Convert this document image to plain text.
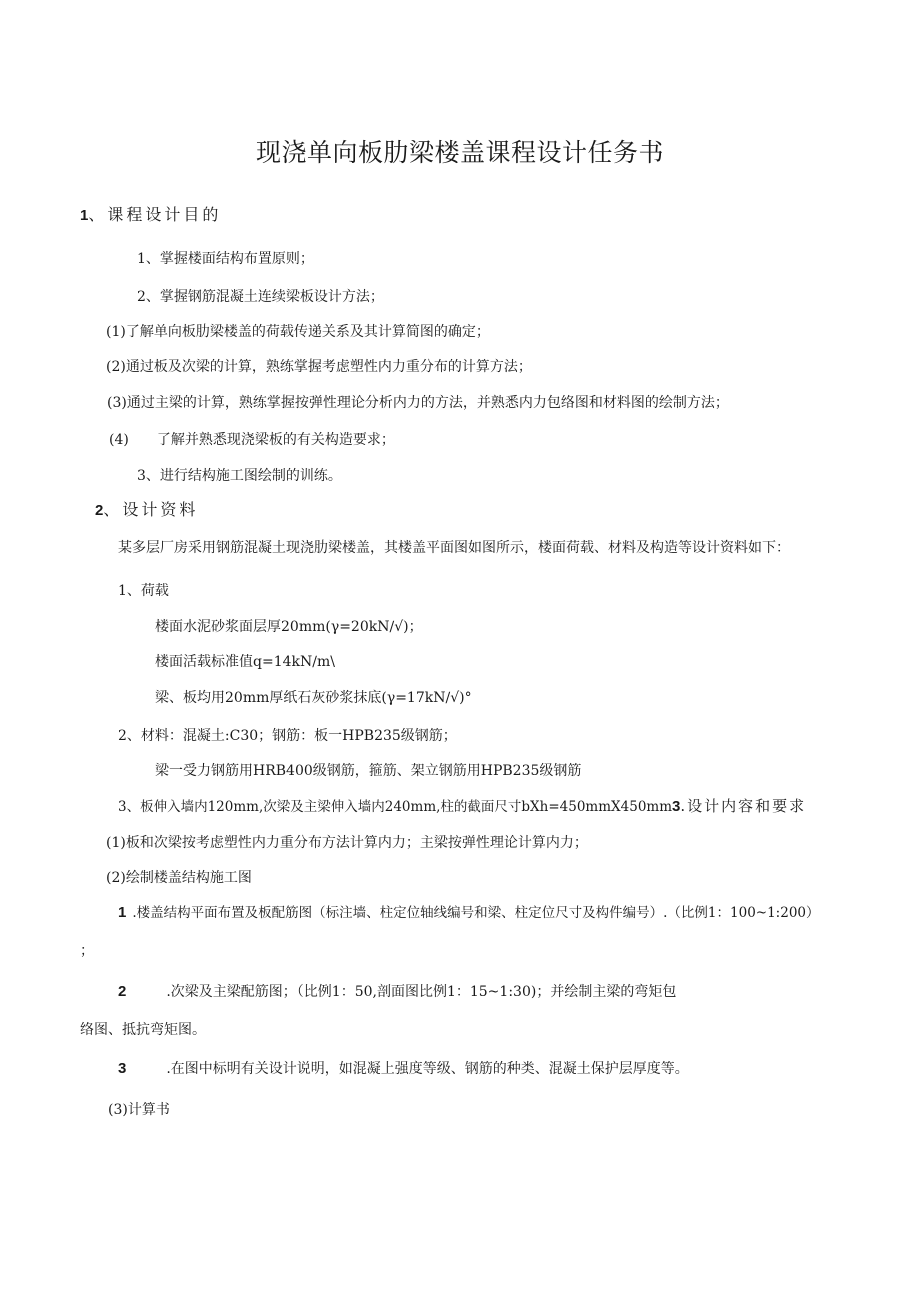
现浇单向板肋梁楼盖课程设计任务书
1、课程设计目的
1、掌握楼面结构布置原则；
2、掌握钢筋混凝土连续梁板设计方法；
(1)了解单向板肋梁楼盖的荷载传递关系及其计算简图的确定；
(2)通过板及次梁的计算，熟练掌握考虑塑性内力重分布的计算方法；
(3)通过主梁的计算，熟练掌握按弹性理论分析内力的方法，并熟悉内力包络图和材料图的绘制方法；
(4) 了解并熟悉现浇梁板的有关构造要求；
3、进行结构施工图绘制的训练。
2、设计资料
某多层厂房采用钢筋混凝土现浇肋梁楼盖，其楼盖平面图如图所示，楼面荷载、材料及构造等设计资料如下：
1、荷载
楼面水泥砂浆面层厚20mm(γ=20kN∕√)；
楼面活载标准值q=14kN∕m\
梁、板均用20mm厚纸石灰砂浆抹底(γ=17kN∕√)°
2、材料：混凝土:C30；钢筋：板一HPB235级钢筋；
梁一受力钢筋用HRB400级钢筋，箍筋、架立钢筋用HPB235级钢筋
3、板伸入墙内120mm,次梁及主梁伸入墙内240mm,柱的截面尺寸bXh=450mmX450mm3.设计内容和要求
(1)板和次梁按考虑塑性内力重分布方法计算内力；主梁按弹性理论计算内力；
(2)绘制楼盖结构施工图
1 .楼盖结构平面布置及板配筋图（标注墙、柱定位轴线编号和梁、柱定位尺寸及构件编号）.（比例1：100~1:200）
；
2	.次梁及主梁配筋图；（比例1：50,剖面图比例1：15~1:30)；并绘制主梁的弯矩包
络图、抵抗弯矩图。
3	.在图中标明有关设计说明，如混凝上强度等级、钢筋的种类、混凝土保护层厚度等。
(3)计算书
